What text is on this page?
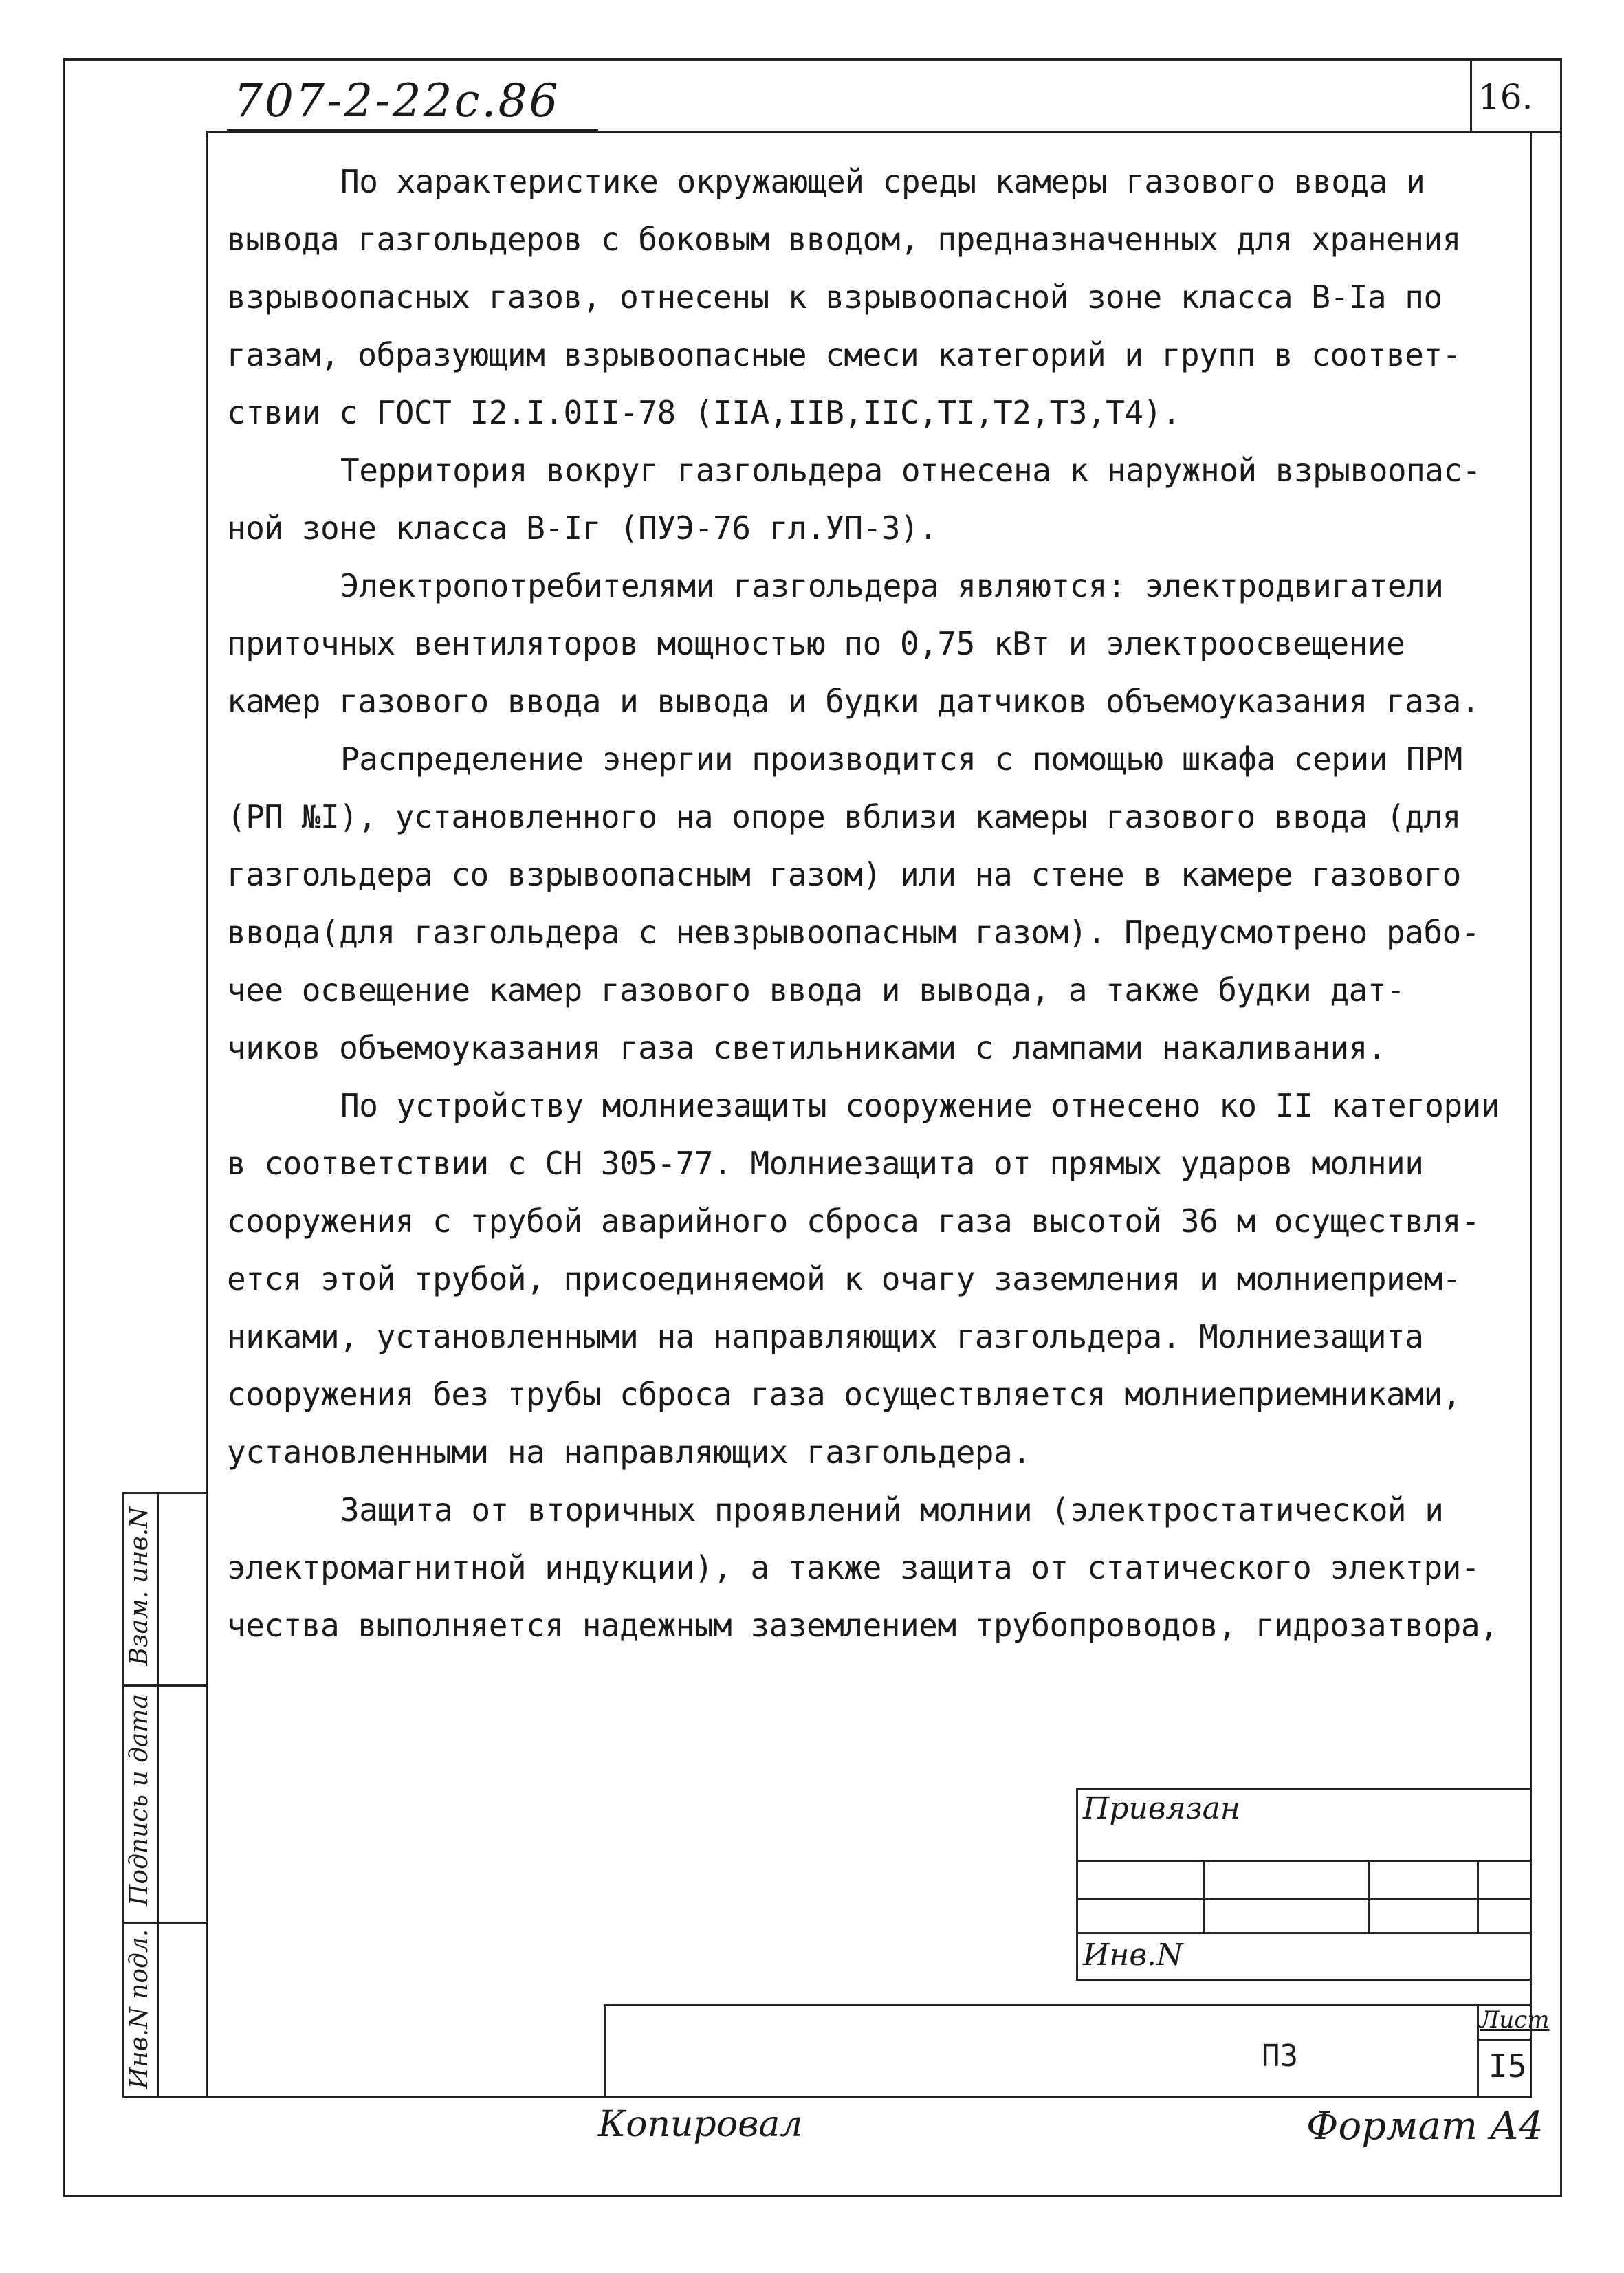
16.
707-2-22с.86

По характеристике окружающей среды камеры газового ввода и

вывода газгольдеров с боковым вводом, предназначенных для хранения
взрывоопасных газов, отнесены к взрывоопасной зоне класса В-Iа по
газам, образующим взрывоопасные смеси категорий и групп в соответ-
ствии с ГОСТ I2.I.0II-78 (IIА,IIВ,IIС,ТI,Т2,Т3,Т4).

Территория вокруг газгольдера отнесена к наружной взрывоопас-

ной зоне класса В-Iг (ПУЭ-76 гл.УП-3).

Электропотребителями газгольдера являются: электродвигатели

приточных вентиляторов мощностью по 0,75 кВт и электроосвещение
камер газового ввода и вывода и будки датчиков объемоуказания газа.

Распределение энергии производится с помощью шкафа серии ПРМ

(РП №I), установленного на опоре вблизи камеры газового ввода (для
газгольдера со взрывоопасным газом) или на стене в камере газового
ввода(для газгольдера с невзрывоопасным газом). Предусмотрено рабо-
чее освещение камер газового ввода и вывода, а также будки дат-
чиков объемоуказания газа светильниками с лампами накаливания.

По устройству молниезащиты сооружение отнесено ко II категории

в соответствии с СН 305-77. Молниезащита от прямых ударов молнии
сооружения с трубой аварийного сброса газа высотой 36 м осуществля-
ется этой трубой, присоединяемой к очагу заземления и молниеприем-
никами, установленными на направляющих газгольдера. Молниезащита
сооружения без трубы сброса газа осуществляется молниеприемниками,
установленными на направляющих газгольдера.

Защита от вторичных проявлений молнии (электростатической и

электромагнитной индукции), а также защита от статического электри-
чества выполняется надежным заземлением трубопроводов, гидрозатвора,

Взам. инв.N
Подпись и дата
Инв.N подл.
Привязан
Инв.N
ПЗ
Лист
I5
Копировал	Формат А4
